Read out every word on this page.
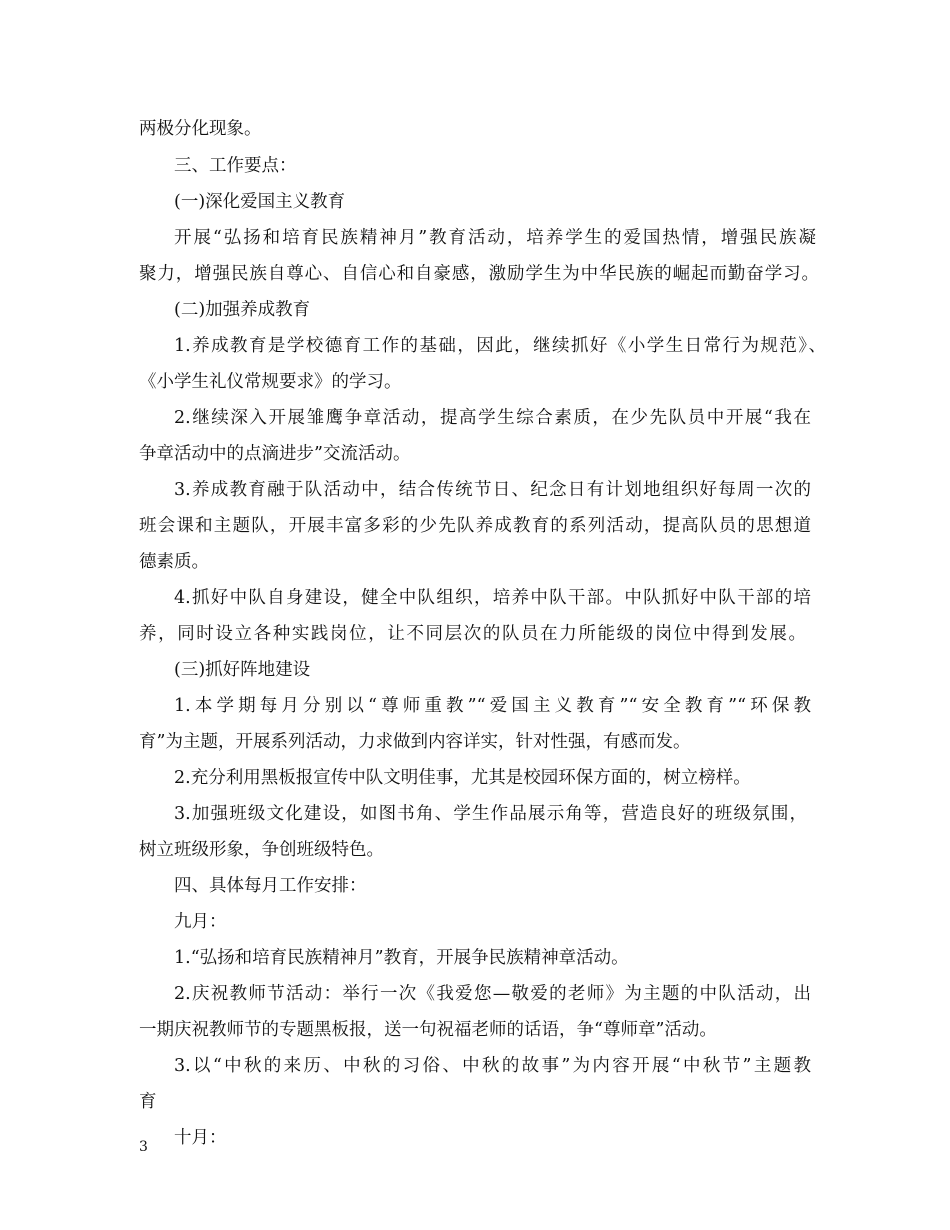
两极分化现象。
三、工作要点：
(一)深化爱国主义教育
开展“弘扬和培育民族精神月”教育活动，培养学生的爱国热情，增强民族凝
聚力，增强民族自尊心、自信心和自豪感，激励学生为中华民族的崛起而勤奋学习。
(二)加强养成教育
1.养成教育是学校德育工作的基础，因此，继续抓好《小学生日常行为规范》、
《小学生礼仪常规要求》的学习。
2.继续深入开展雏鹰争章活动，提高学生综合素质，在少先队员中开展“我在
争章活动中的点滴进步”交流活动。
3.养成教育融于队活动中，结合传统节日、纪念日有计划地组织好每周一次的
班会课和主题队，开展丰富多彩的少先队养成教育的系列活动，提高队员的思想道
德素质。
4.抓好中队自身建设，健全中队组织，培养中队干部。中队抓好中队干部的培
养，同时设立各种实践岗位，让不同层次的队员在力所能级的岗位中得到发展。
(三)抓好阵地建设
1.本学期每月分别以“尊师重教”“爱国主义教育”“安全教育”“环保教
育”为主题，开展系列活动，力求做到内容详实，针对性强，有感而发。
2.充分利用黑板报宣传中队文明佳事，尤其是校园环保方面的，树立榜样。
3.加强班级文化建设，如图书角、学生作品展示角等，营造良好的班级氛围，
树立班级形象，争创班级特色。
四、具体每月工作安排：
九月：
1.“弘扬和培育民族精神月”教育，开展争民族精神章活动。
2.庆祝教师节活动：举行一次《我爱您—敬爱的老师》为主题的中队活动，出
一期庆祝教师节的专题黑板报，送一句祝福老师的话语，争“尊师章”活动。
3.以“中秋的来历、中秋的习俗、中秋的故事”为内容开展“中秋节”主题教
育
十月：
3
